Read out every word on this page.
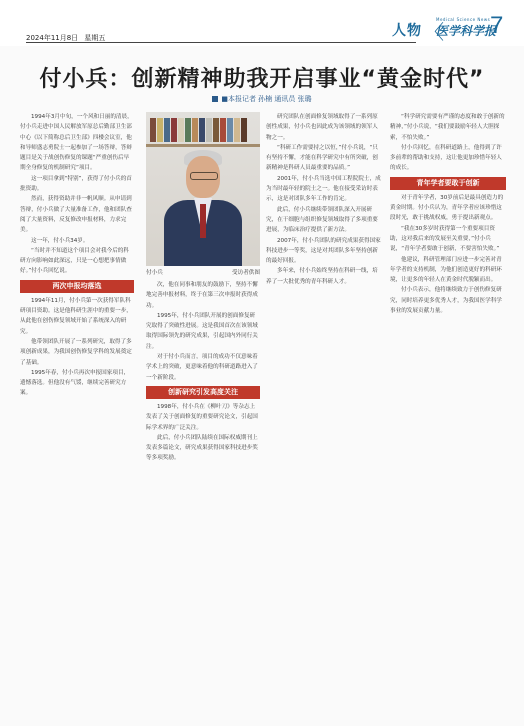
2024年11月8日 星期五	人物 〈
Medical Science News
医学科学报
7
付小兵：创新精神助我开启事业“黄金时代”
■本报记者 孙楠 通讯员 张璐

1994年3月中旬，一个风和日丽的清晨，付小兵走进中国人民解放军原总后勤部卫生部中心《以下简称总后卫生部》四楼会议室，他和导师盛志勇院士一起参加了一场答辩，答辩题目是关于战创伤修复的课题“严重创伤后早期全身修复的机制研究”项目。

这一项目拿到“特别”，获得了付小兵的首批资助。

然而，获得资助并非一帆风顺。从申请到答辩，付小兵做了大量准备工作，他和团队查阅了大量资料，反复修改申报材料，力求完美。

这一年，付小兵34岁。

“当时并不知道这个项目会对我今后的科研方向影响如此深远，只是一心想把事情做好。”付小兵回忆说。

两次申报均落选

1994年11月，付小兵第一次获得军队科研项目资助。这是他科研生涯中的重要一步，从此他在创伤修复领域开始了系统深入的研究。

他带领团队开展了一系列研究，取得了多项创新成果，为我国创伤修复学科的发展奠定了基础。

1995年春，付小兵再次申报国家项目，遗憾落选。但他没有气馁，继续完善研究方案。

付小兵	受访者供图

次，他在同事和朋友的鼓励下，坚持不懈地完善申报材料，终于在第三次申报时获得成功。

1995年，付小兵团队开展的创面修复研究取得了突破性进展。这是我国首次在该领域取得国际领先的研究成果，引起国内外同行关注。

对于付小兵而言，项目的成功不仅意味着学术上的突破，更意味着他的科研道路进入了一个新阶段。

创新研究引发高度关注

1998年，付小兵在《柳叶刀》等杂志上发表了关于创面修复的重要研究论文，引起国际学术界的广泛关注。

此后，付小兵团队陆续在国际权威期刊上发表多篇论文，研究成果获得国家科技进步奖等多项奖励。

研究团队在创面修复领域取得了一系列原创性成果，付小兵也因此成为该领域的领军人物之一。

“科研工作需要持之以恒，”付小兵说，“只有坚持不懈，才能在科学研究中有所突破，创新精神是科研人员最重要的品质。”

2001年，付小兵当选中国工程院院士，成为当时最年轻的院士之一。他在接受采访时表示，这是对团队多年工作的肯定。

此后，付小兵继续带领团队深入开展研究，在干细胞与组织修复领域取得了多项重要进展，为临床治疗提供了新方法。

2007年，付小兵团队的研究成果获得国家科技进步一等奖，这是对其团队多年坚持创新的最好回报。

多年来，付小兵始终坚持在科研一线，培养了一大批优秀的青年科研人才。

“科学研究需要有严谨的态度和敢于创新的精神，”付小兵说，“我们要鼓励年轻人大胆探索，不怕失败。”

付小兵回忆，在科研道路上，他得到了许多前辈的帮助和支持，这让他更加珍惜年轻人的成长。

青年学者要敢于创新

对于青年学者，30岁前后是最具创造力的黄金时期。付小兵认为，青年学者应该珍惜这段时光，敢于挑战权威，勇于提出新观点。

“我在30多岁时获得第一个重要项目资助，这对我后来的发展至关重要，”付小兵说，“青年学者要敢于创新，不要害怕失败。”

他建议，科研管理部门应进一步完善对青年学者的支持机制，为他们创造更好的科研环境，让更多的年轻人在黄金时代脱颖而出。

付小兵表示，他将继续致力于创伤修复研究，同时培养更多优秀人才，为我国医学科学事业的发展贡献力量。
